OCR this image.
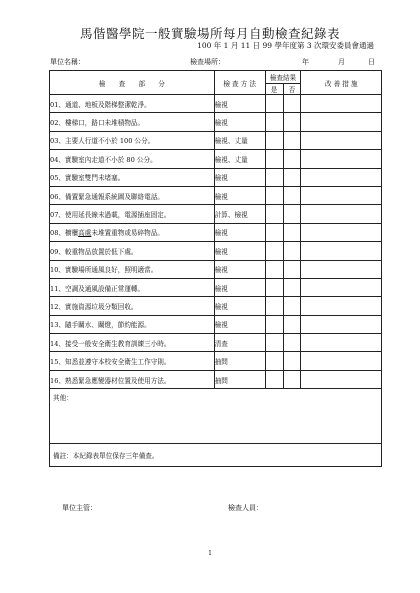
馬偕醫學院一般實驗場所每月自動檢查紀錄表
100 年 1 月 11 日 99 學年度第 3 次環安委員會通過
單位名稱：	檢查場所：	年	月	日
檢　　查　　部　　分	檢 查 方 法	檢查結果		改 善 措 施
		是	否	
01、通道、地板及階梯整潔乾淨。	檢視			
02、樓梯口，路口未堆積物品。	檢視			
03、主要人行道不小於 100 公分。	檢視、丈量			
04、實驗室內走道不小於 80 公分。	檢視、丈量			
05、實驗室雙門未堵塞。	檢視			
06、備置緊急通報系統圖及聯絡電話。	檢視			
07、使用延長線未過載，電源插座固定。	計算、檢視			
08、櫥櫃高處未堆置重物或易碎物品。	檢視			
09、較重物品放置於低下處。	檢視			
10、實驗場所通風良好，照明適當。	檢視			
11、空調及通風設備正常運轉。	檢視			
12、實施資源垃圾分類回收。	檢視			
13、隨手關水、關燈，節約能源。	檢視			
14、接受一般安全衛生教育訓練三小時。	清查			
15、知悉並遵守本校安全衛生工作守則。	抽問			
16、熟悉緊急應變器材位置及使用方法。	抽問			
其他：				
備註：本紀錄表單位保存三年備查。				
單位主管：	檢查人員：
1
